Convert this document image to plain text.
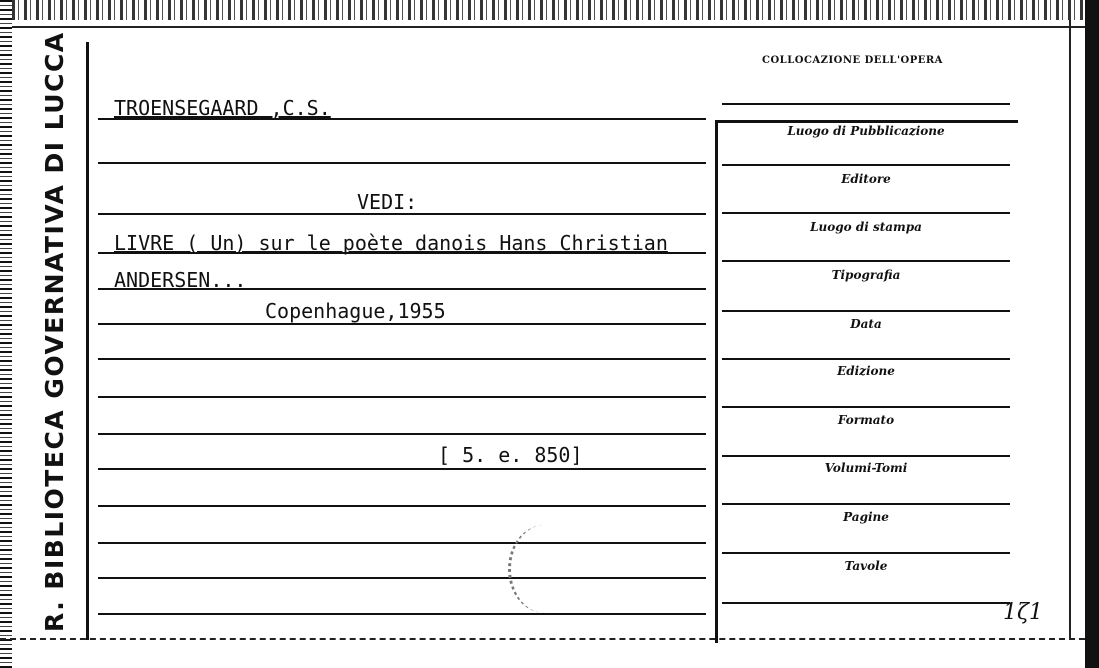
R. BIBLIOTECA GOVERNATIVA DI LUCCA TROENSEGAARD ,C.S.
VEDI:
LIVRE ( Un) sur le poète danois Hans Christian
ANDERSEN...
Copenhague,1955
[ 5. e. 850]
COLLOCAZIONE DELL'OPERA
Luogo di Pubblicazione
Editore
Luogo di stampa
Tipografia
Data
Edizione
Formato
Volumi-Tomi
Pagine
Tavole
1ζ1
